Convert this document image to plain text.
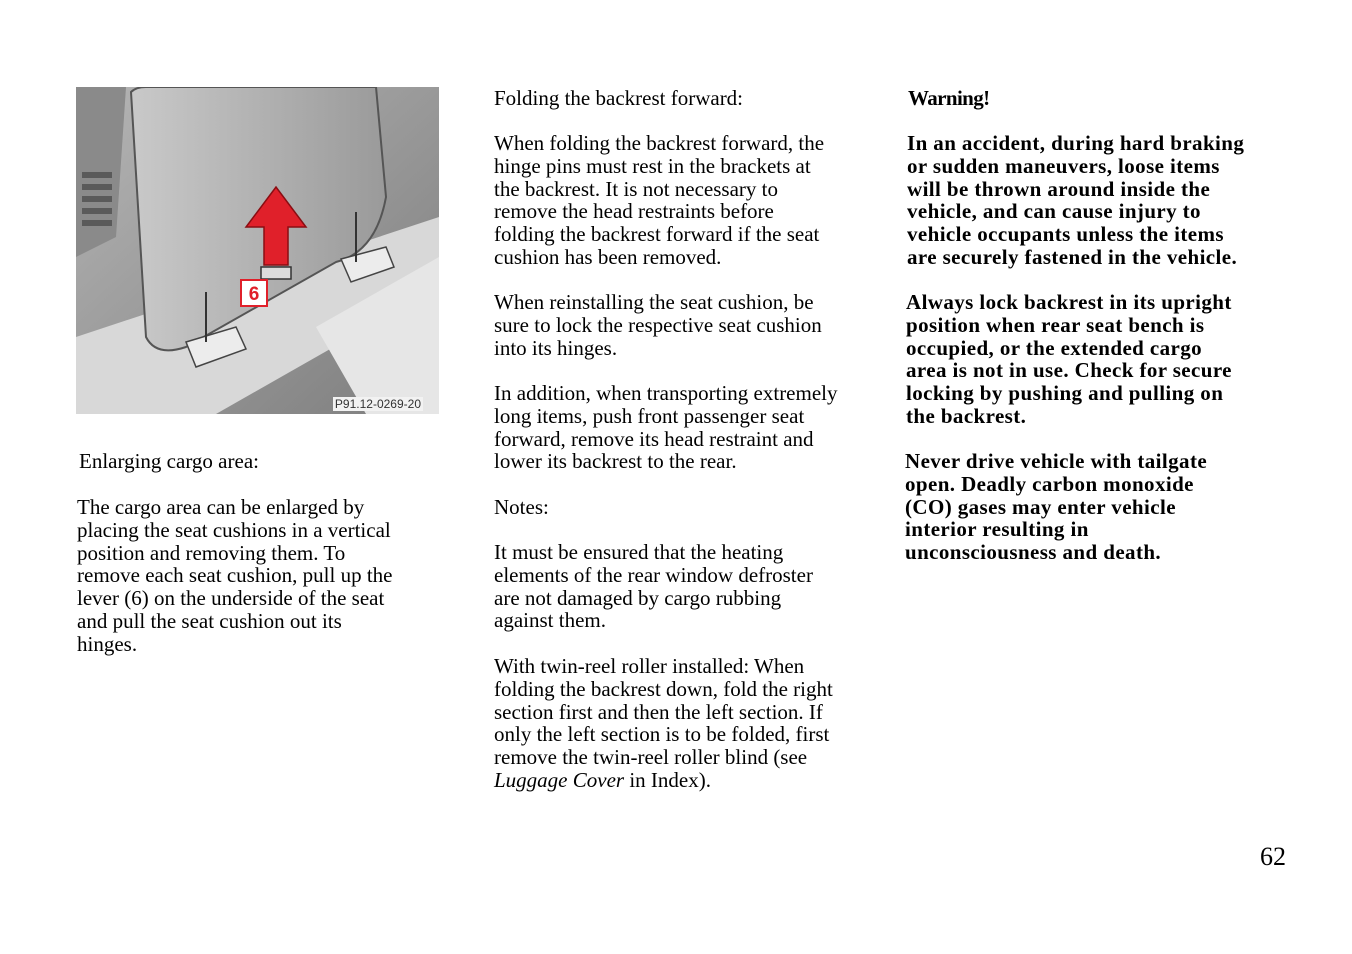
6
P91.12-0269-20

Enlarging cargo area:

The cargo area can be enlarged by
placing the seat cushions in a vertical
position and removing them. To
remove each seat cushion, pull up the
lever (6) on the underside of the seat
and pull the seat cushion out its
hinges.

Folding the backrest forward:

When folding the backrest forward, the
hinge pins must rest in the brackets at
the backrest. It is not necessary to
remove the head restraints before
folding the backrest forward if the seat
cushion has been removed.

When reinstalling the seat cushion, be
sure to lock the respective seat cushion
into its hinges.

In addition, when transporting extremely
long items, push front passenger seat
forward, remove its head restraint and
lower its backrest to the rear.

Notes:

It must be ensured that the heating
elements of the rear window defroster
are not damaged by cargo rubbing
against them.

With twin-reel roller installed: When
folding the backrest down, fold the right
section first and then the left section. If
only the left section is to be folded, first
remove the twin-reel roller blind (see
Luggage Cover in Index).

Warning!

In an accident, during hard braking
or sudden maneuvers, loose items
will be thrown around inside the
vehicle, and can cause injury to
vehicle occupants unless the items
are securely fastened in the vehicle.

Always lock backrest in its upright
position when rear seat bench is
occupied, or the extended cargo
area is not in use. Check for secure
locking by pushing and pulling on
the backrest.

Never drive vehicle with tailgate
open. Deadly carbon monoxide
(CO) gases may enter vehicle
interior resulting in
unconsciousness and death.

62
